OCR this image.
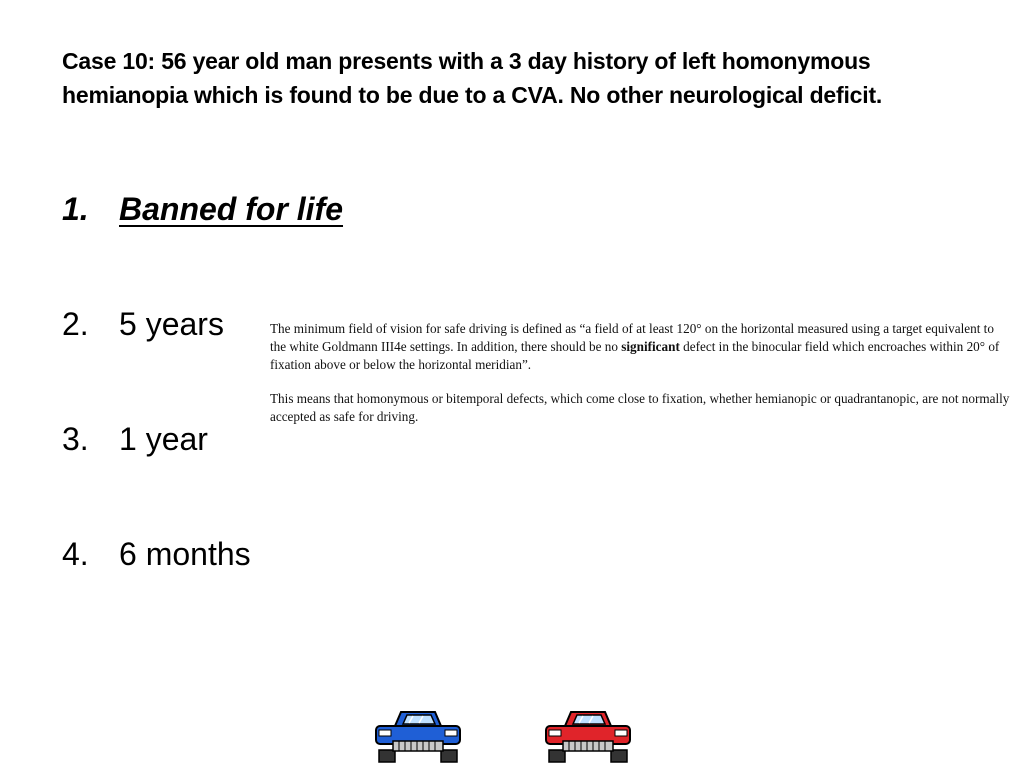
Case 10: 56 year old man presents with a 3 day history of left homonymous hemianopia which is found to be due to a CVA. No other neurological deficit.
1. Banned for life
2. 5 years
3. 1 year
4. 6 months

The minimum field of vision for safe driving is defined as “a field of at least 120° on the horizontal measured using a target equivalent to the white Goldmann III4e settings. In addition, there should be no significant defect in the binocular field which encroaches within 20° of fixation above or below the horizontal meridian”.

This means that homonymous or bitemporal defects, which come close to fixation, whether hemianopic or quadrantanopic, are not normally accepted as safe for driving.
